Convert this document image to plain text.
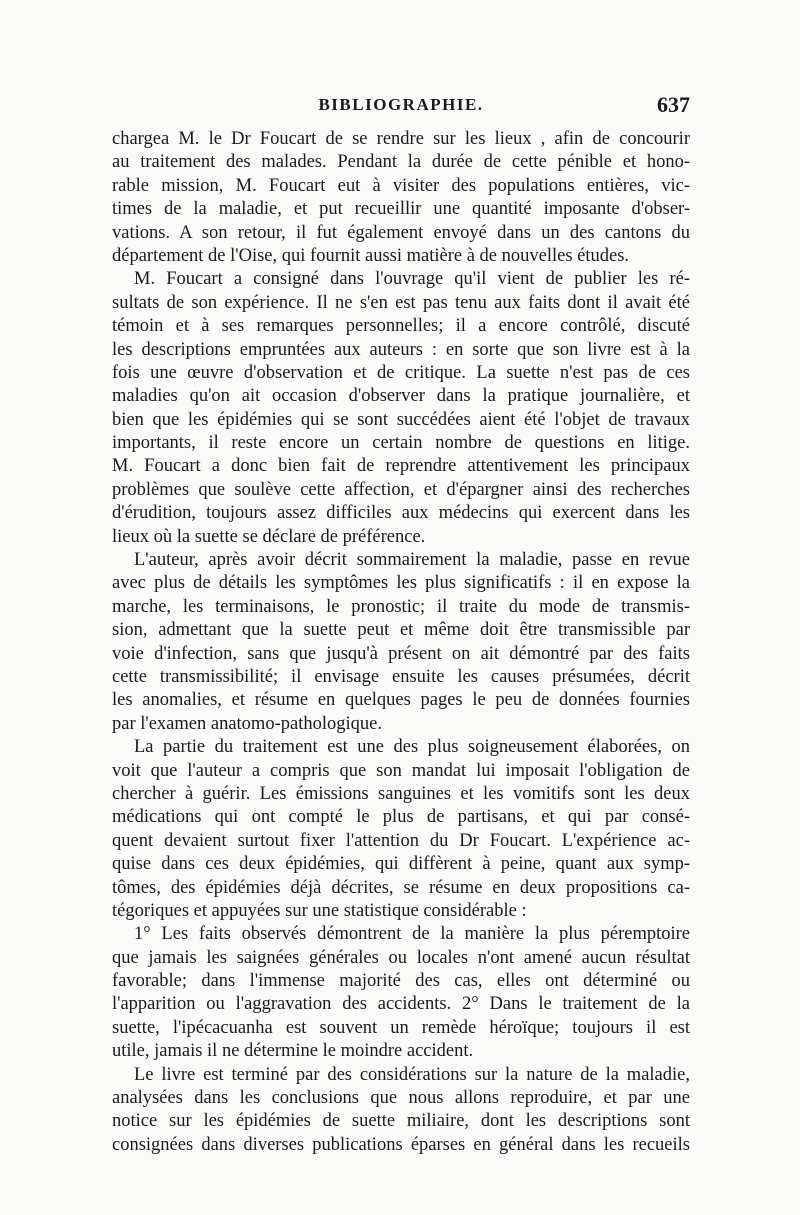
BIBLIOGRAPHIE.	637
chargea M. le Dr Foucart de se rendre sur les lieux , afin de concourir
au traitement des malades. Pendant la durée de cette pénible et hono-
rable mission, M. Foucart eut à visiter des populations entières, vic-
times de la maladie, et put recueillir une quantité imposante d'obser-
vations. A son retour, il fut également envoyé dans un des cantons du
département de l'Oise, qui fournit aussi matière à de nouvelles études.
M. Foucart a consigné dans l'ouvrage qu'il vient de publier les ré-
sultats de son expérience. Il ne s'en est pas tenu aux faits dont il avait été
témoin et à ses remarques personnelles; il a encore contrôlé, discuté
les descriptions empruntées aux auteurs : en sorte que son livre est à la
fois une œuvre d'observation et de critique. La suette n'est pas de ces
maladies qu'on ait occasion d'observer dans la pratique journalière, et
bien que les épidémies qui se sont succédées aient été l'objet de travaux
importants, il reste encore un certain nombre de questions en litige.
M. Foucart a donc bien fait de reprendre attentivement les principaux
problèmes que soulève cette affection, et d'épargner ainsi des recherches
d'érudition, toujours assez difficiles aux médecins qui exercent dans les
lieux où la suette se déclare de préférence.
L'auteur, après avoir décrit sommairement la maladie, passe en revue
avec plus de détails les symptômes les plus significatifs : il en expose la
marche, les terminaisons, le pronostic; il traite du mode de transmis-
sion, admettant que la suette peut et même doit être transmissible par
voie d'infection, sans que jusqu'à présent on ait démontré par des faits
cette transmissibilité; il envisage ensuite les causes présumées, décrit
les anomalies, et résume en quelques pages le peu de données fournies
par l'examen anatomo-pathologique.
La partie du traitement est une des plus soigneusement élaborées, on
voit que l'auteur a compris que son mandat lui imposait l'obligation de
chercher à guérir. Les émissions sanguines et les vomitifs sont les deux
médications qui ont compté le plus de partisans, et qui par consé-
quent devaient surtout fixer l'attention du Dr Foucart. L'expérience ac-
quise dans ces deux épidémies, qui diffèrent à peine, quant aux symp-
tômes, des épidémies déjà décrites, se résume en deux propositions ca-
tégoriques et appuyées sur une statistique considérable :
1° Les faits observés démontrent de la manière la plus péremptoire
que jamais les saignées générales ou locales n'ont amené aucun résultat
favorable; dans l'immense majorité des cas, elles ont déterminé ou
l'apparition ou l'aggravation des accidents. 2° Dans le traitement de la
suette, l'ipécacuanha est souvent un remède héroïque; toujours il est
utile, jamais il ne détermine le moindre accident.
Le livre est terminé par des considérations sur la nature de la maladie,
analysées dans les conclusions que nous allons reproduire, et par une
notice sur les épidémies de suette miliaire, dont les descriptions sont
consignées dans diverses publications éparses en général dans les recueils
